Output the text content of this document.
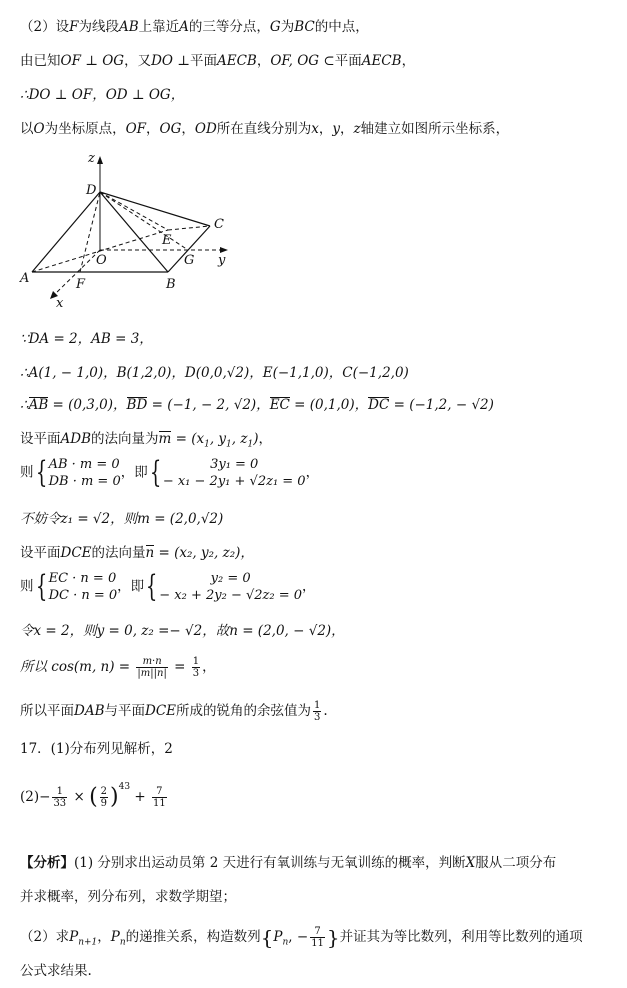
（2）设F为线段AB上靠近A的三等分点，G为BC的中点，
由已知OF ⊥ OG，又DO ⊥平面AECB，OF, OG ⊂平面AECB，
∴DO ⊥ OF，OD ⊥ OG，
以O为坐标原点，OF，OG，OD所在直线分别为x，y，z轴建立如图所示坐标系，
z
D
C
E
O	G y
A	F	B
x
∵DA = 2，AB = 3，
∴A(1, − 1,0)，B(1,2,0)，D(0,0,√2)，E(−1,1,0)，C(−1,2,0)
∴AB = (0,3,0)，BD = (−1, − 2, √2)，EC = (0,1,0)，DC = (−1,2, − √2)
设平面ADB的法向量为$m = (x_1$, $y_1$, $z_1$)，
则{ AB · m = 0
DB · m = 0
，即{	3y₁ = 0
− x₁ − 2y₁ + √2z₁ = 0
，
不妨令z₁ = √2，则m = (2,0,√2)
设平面DCE的法向量n = (x₂, y₂, z₂)，
则{ EC · n = 0
DC · n = 0
，即{	y₂ = 0
− x₂ + 2y₂ − √2z₂ = 0
，
令x = 2，则y = 0, z₂ =− √2，故n = (2,0, − √2)，
所以 cos(m, $n) = \frac{m\cdot n}{|m||n|} = \frac{1}{3}$ ，
所以平面DAB与平面DCE所成的锐角的余弦值为 $\frac{1}{3}$ .
17．(1)分布列见解析，2
$(2)- \frac{1}{33}$ × ( $\frac{2}{9} )^{43} + \frac{7}{11}$
【分析】(1) 分别求出运动员第 2 天进行有氧训练与无氧训练的概率，判断X服从二项分布
并求概率，列分布列，求数学期望；
（2）求$P_{n+1}$，$P_n$的递推关系，构造数列{$P_n$, − $\frac{7}{11}$ }并证其为等比数列，利用等比数列的通项
公式求结果.
